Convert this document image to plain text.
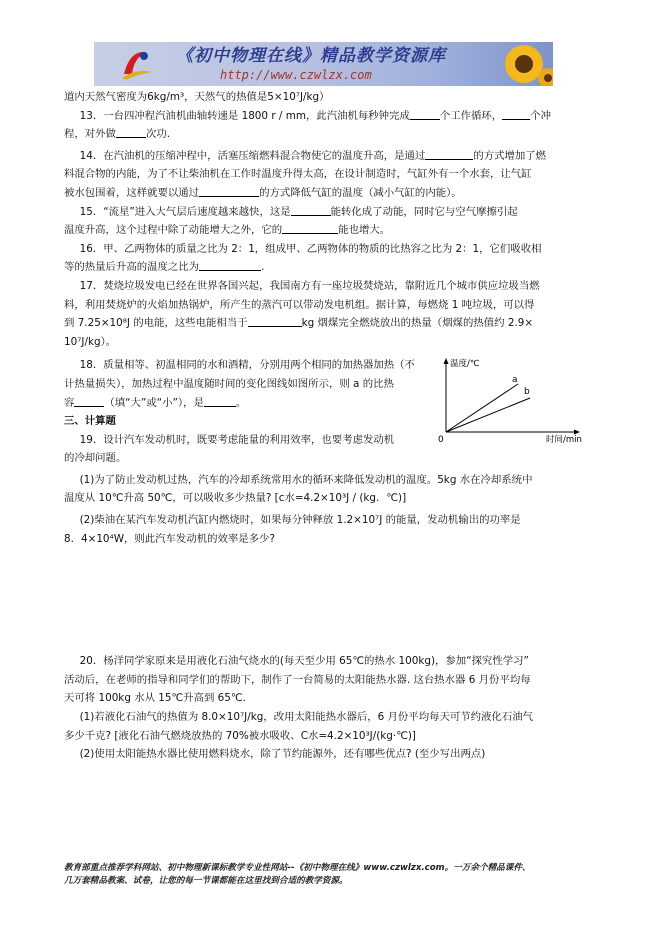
《初中物理在线》精品教学资源库
http://www.czwlzx.com

道内天然气密度为6kg/m³，天然气的热值是5×10⁷J/kg）

13．一台四冲程汽油机曲轴转速是 1800 r / mm，此汽油机每秒钟完成	个工作循环，	个冲

程，对外做	次功.

14．在汽油机的压缩冲程中，活塞压缩燃料混合物使它的温度升高，是通过	的方式增加了燃

料混合物的内能，为了不让柴油机在工作时温度升得太高，在设计制造时，气缸外有一个水套，让气缸

被水包围着，这样就要以通过	的方式降低气缸的温度（减小气缸的内能）。

15．“流星”进入大气层后速度越来越快，这是	能转化成了动能，同时它与空气摩擦引起

温度升高，这个过程中除了动能增大之外，它的	能也增大。

16．甲、乙两物体的质量之比为 2：1，组成甲、乙两物体的物质的比热容之比为 2：1，它们吸收相

等的热量后升高的温度之比为	.

17．焚烧垃圾发电已经在世界各国兴起，我国南方有一座垃圾焚烧站，靠附近几个城市供应垃圾当燃

料，利用焚烧炉的火焰加热锅炉，所产生的蒸汽可以带动发电机组。据计算，每燃烧 1 吨垃圾，可以得

到 7.25×10⁸J 的电能，这些电能相当于	kg 烟煤完全燃烧放出的热量（烟煤的热值约 2.9×

10⁷J/kg）。

18．质量相等、初温相同的水和酒精，分别用两个相同的加热器加热（不

计热量损失），加热过程中温度随时间的变化图线如图所示，则 a 的比热

容	（填“大”或“小”），是	。

温度/℃
时间/min
0
a
b

三、计算题

19．设计汽车发动机时，既要考虑能量的利用效率，也要考虑发动机

的冷却问题。

(1)为了防止发动机过热，汽车的冷却系统常用水的循环来降低发动机的温度。5kg 水在冷却系统中

温度从 10℃升高 50℃，可以吸收多少热量? [c水=4.2×10³J / (kg．℃)]

(2)柴油在某汽车发动机汽缸内燃烧时，如果每分钟释放 1.2×10⁷J 的能量，发动机输出的功率是

8．4×10⁴W，则此汽车发动机的效率是多少?

20．杨洋同学家原来是用液化石油气烧水的(每天至少用 65℃的热水 100kg)，参加“探究性学习”

活动后，在老师的指导和同学们的帮助下，制作了一台简易的太阳能热水器. 这台热水器 6 月份平均每

天可将 100kg 水从 15℃升高到 65℃.

(1)若液化石油气的热值为 8.0×10⁷J/kg，改用太阳能热水器后，6 月份平均每天可节约液化石油气

多少千克? [液化石油气燃烧放热的 70%被水吸收、C水=4.2×10³J/(kg·℃)]

(2)使用太阳能热水器比使用燃料烧水，除了节约能源外，还有哪些优点? (至少写出两点)

教育部重点推荐学科网站、初中物理新课标教学专业性网站--《初中物理在线》www.czwlzx.com。一万余个精品课件、
几万套精品教案、试卷，让您的每一节课都能在这里找到合适的教学资源。
